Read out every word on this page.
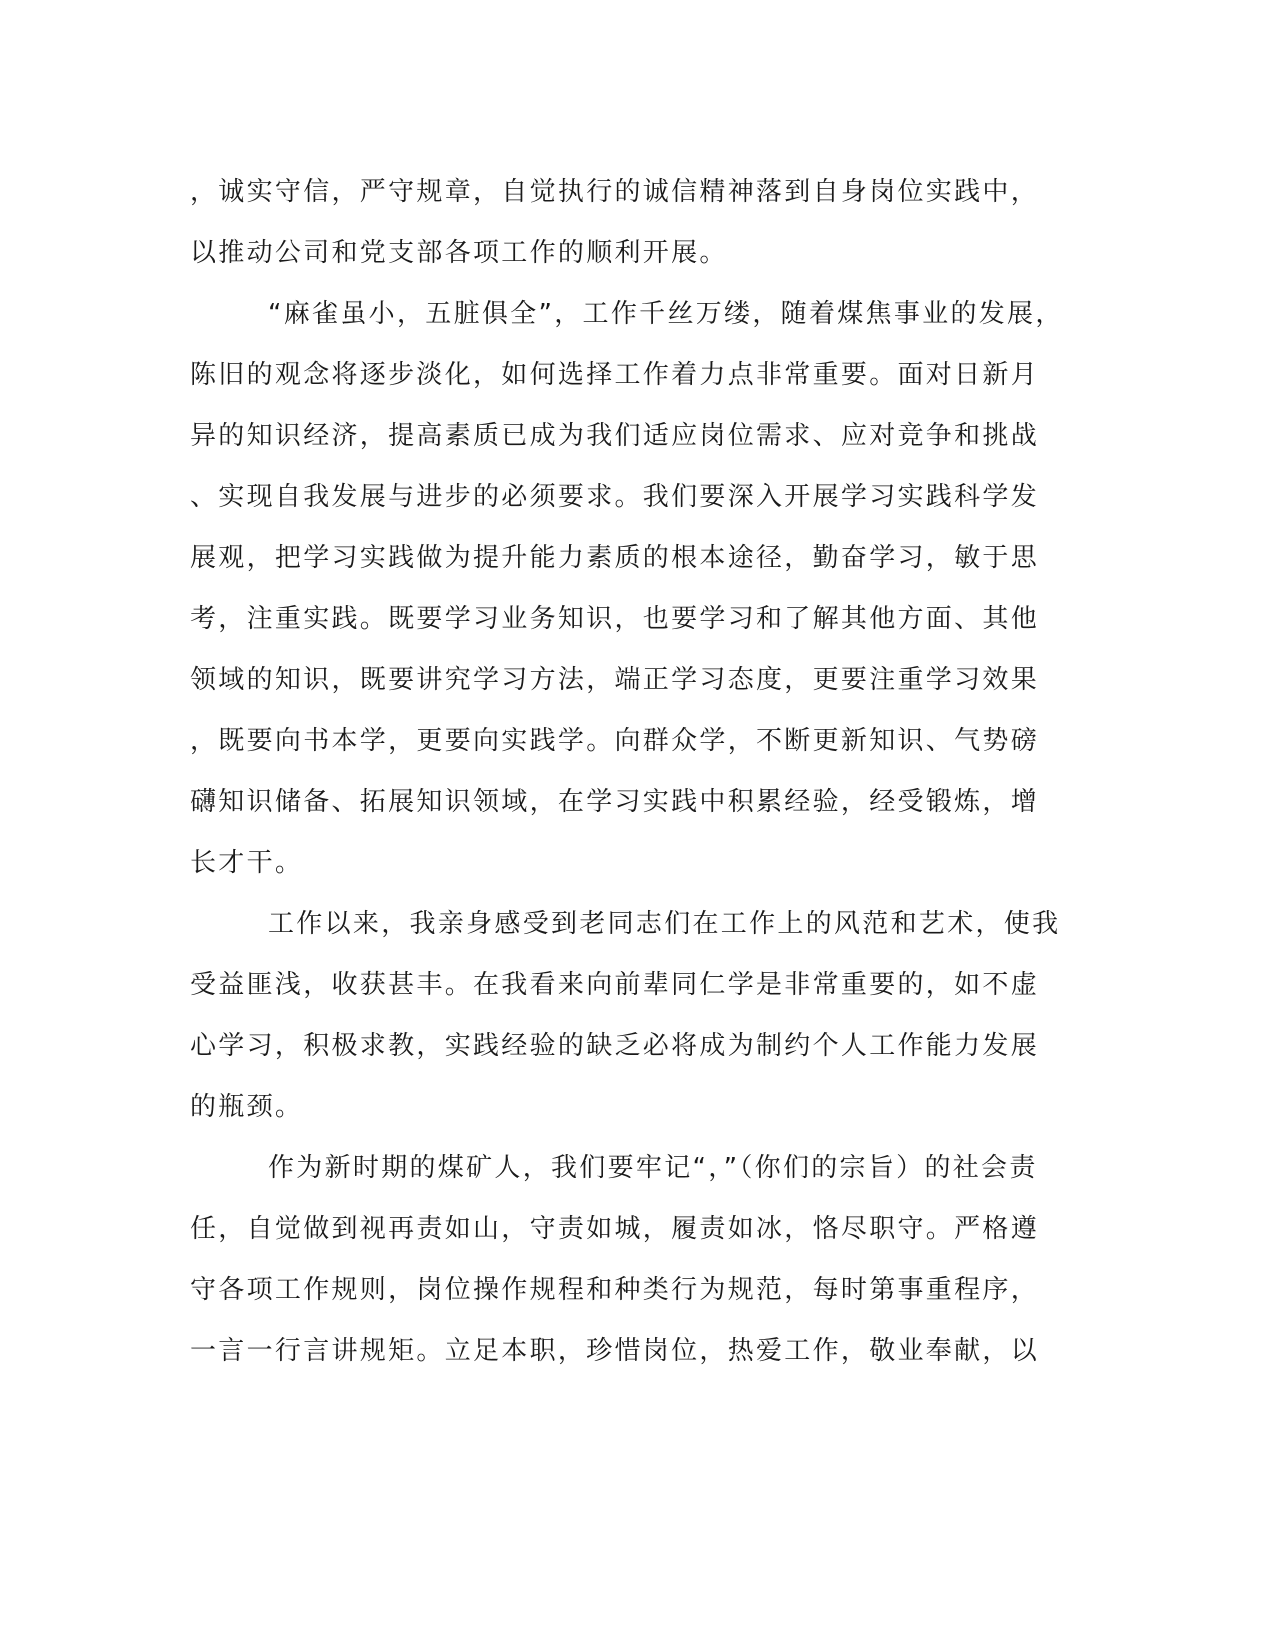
，诚实守信，严守规章，自觉执行的诚信精神落到自身岗位实践中，
以推动公司和党支部各项工作的顺利开展。
“麻雀虽小，五脏俱全”，工作千丝万缕，随着煤焦事业的发展，
陈旧的观念将逐步淡化，如何选择工作着力点非常重要。面对日新月
异的知识经济，提高素质已成为我们适应岗位需求、应对竞争和挑战
、实现自我发展与进步的必须要求。我们要深入开展学习实践科学发
展观，把学习实践做为提升能力素质的根本途径，勤奋学习，敏于思
考，注重实践。既要学习业务知识，也要学习和了解其他方面、其他
领域的知识，既要讲究学习方法，端正学习态度，更要注重学习效果
，既要向书本学，更要向实践学。向群众学，不断更新知识、气势磅
礴知识储备、拓展知识领域，在学习实践中积累经验，经受锻炼，增
长才干。
工作以来，我亲身感受到老同志们在工作上的风范和艺术，使我
受益匪浅，收获甚丰。在我看来向前辈同仁学是非常重要的，如不虚
心学习，积极求教，实践经验的缺乏必将成为制约个人工作能力发展
的瓶颈。
作为新时期的煤矿人，我们要牢记“，”（你们的宗旨）的社会责
任，自觉做到视再责如山，守责如城，履责如冰，恪尽职守。严格遵
守各项工作规则，岗位操作规程和种类行为规范，每时第事重程序，
一言一行言讲规矩。立足本职，珍惜岗位，热爱工作，敬业奉献，以
